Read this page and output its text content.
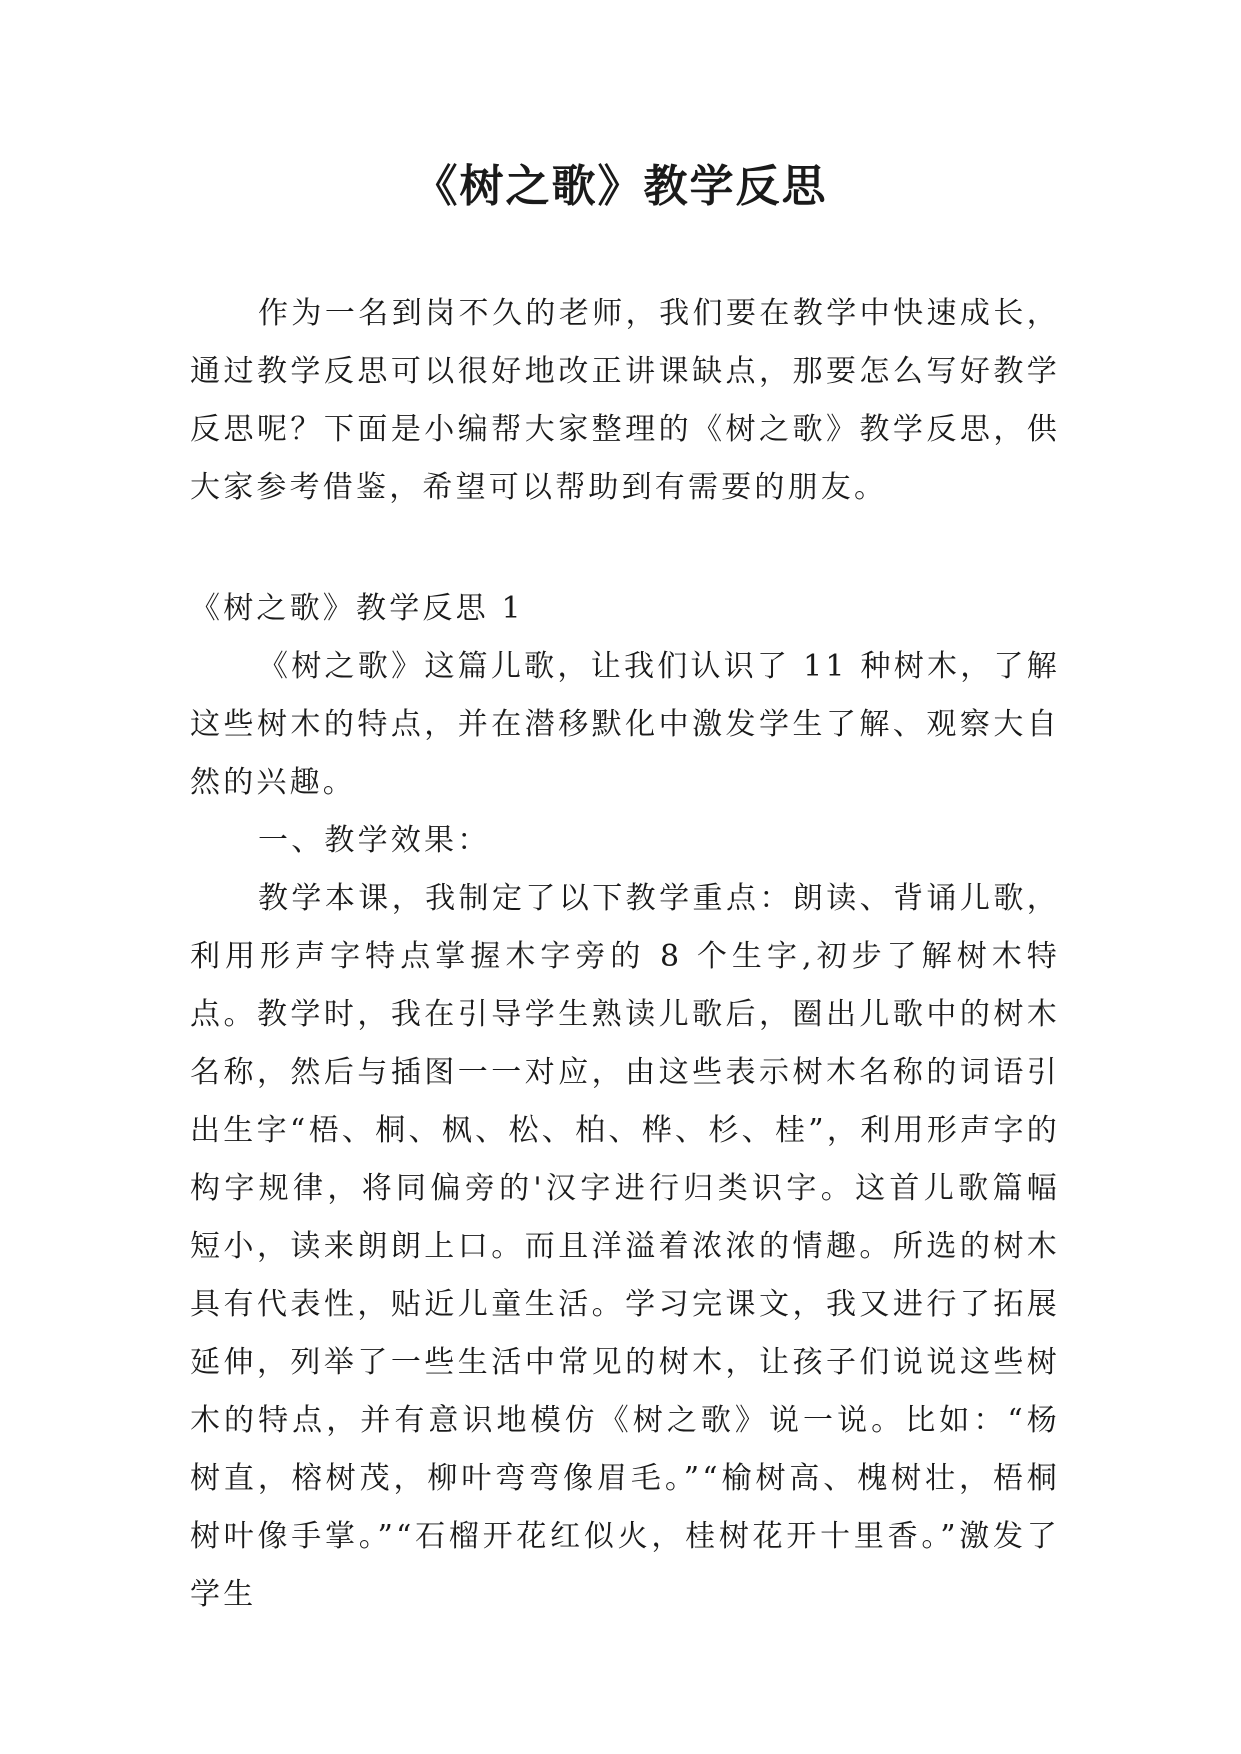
《树之歌》教学反思

作为一名到岗不久的老师，我们要在教学中快速成长，通过教学反思可以很好地改正讲课缺点，那要怎么写好教学反思呢？下面是小编帮大家整理的《树之歌》教学反思，供大家参考借鉴，希望可以帮助到有需要的朋友。

《树之歌》教学反思 1

《树之歌》这篇儿歌，让我们认识了 11 种树木，了解这些树木的特点，并在潜移默化中激发学生了解、观察大自然的兴趣。

一、教学效果：

教学本课，我制定了以下教学重点：朗读、背诵儿歌，利用形声字特点掌握木字旁的 8 个生字,初步了解树木特点。教学时，我在引导学生熟读儿歌后，圈出儿歌中的树木名称，然后与插图一一对应，由这些表示树木名称的词语引出生字“梧、桐、枫、松、柏、桦、杉、桂”，利用形声字的构字规律，将同偏旁的'汉字进行归类识字。这首儿歌篇幅短小，读来朗朗上口。而且洋溢着浓浓的情趣。所选的树木具有代表性，贴近儿童生活。学习完课文，我又进行了拓展延伸，列举了一些生活中常见的树木，让孩子们说说这些树木的特点，并有意识地模仿《树之歌》说一说。比如：“杨树直，榕树茂，柳叶弯弯像眉毛。”“榆树高、槐树壮，梧桐树叶像手掌。”“石榴开花红似火，桂树花开十里香。”激发了学生
